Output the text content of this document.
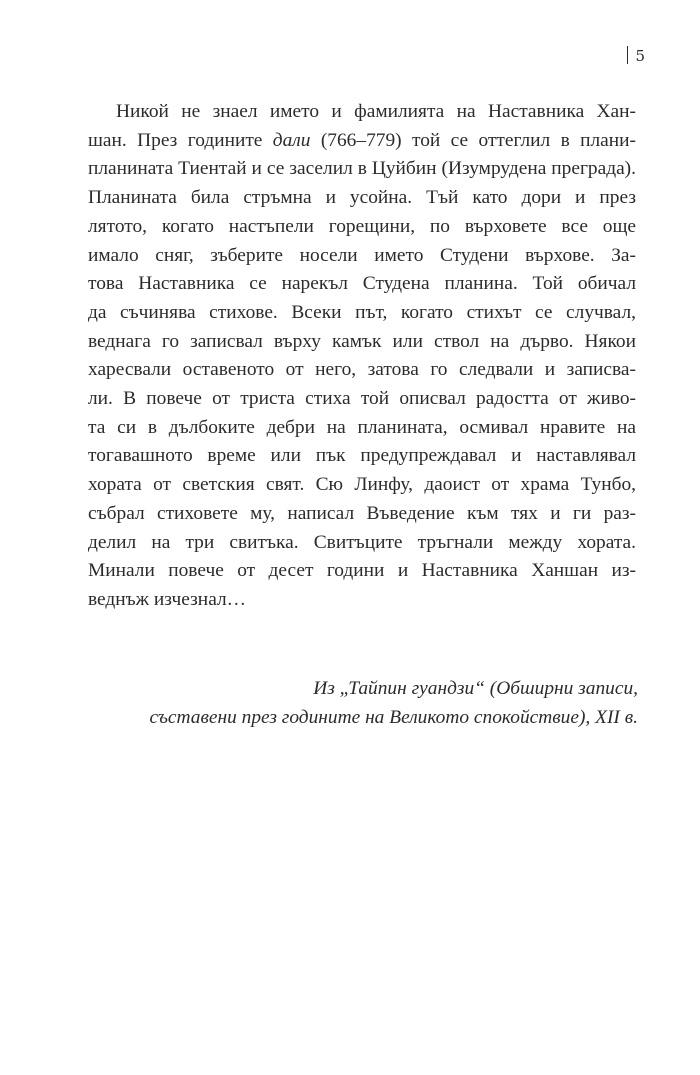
5
Никой не знаел името и фамилията на Наставника Хан-
шан. През годините дали (766–779) той се оттеглил в плани-
планината Тиентай и се заселил в Цуйбин (Изумрудена преграда).
Планината била стръмна и усойна. Тъй като дори и през
лятото, когато настъпели горещини, по върховете все още
имало сняг, зъберите носели името Студени върхове. За-
това Наставника се нарекъл Студена планина. Той обичал
да съчинява стихове. Всеки път, когато стихът се случвал,
веднага го записвал върху камък или ствол на дърво. Някои
харесвали оставеното от него, затова го следвали и записва-
ли. В повече от триста стиха той описвал радостта от живо-
та си в дълбоките дебри на планината, осмивал нравите на
тогавашното време или пък предупреждавал и наставлявал
хората от светския свят. Сю Линфу, даоист от храма Тунбо,
събрал стиховете му, написал Въведение към тях и ги раз-
делил на три свитъка. Свитъците тръгнали между хората.
Минали повече от десет години и Наставника Ханшан из-
веднъж изчезнал…
Из „Тайпин гуандзи“ (Обширни записи,
съставени през годините на Великото спокойствие), XII в.
